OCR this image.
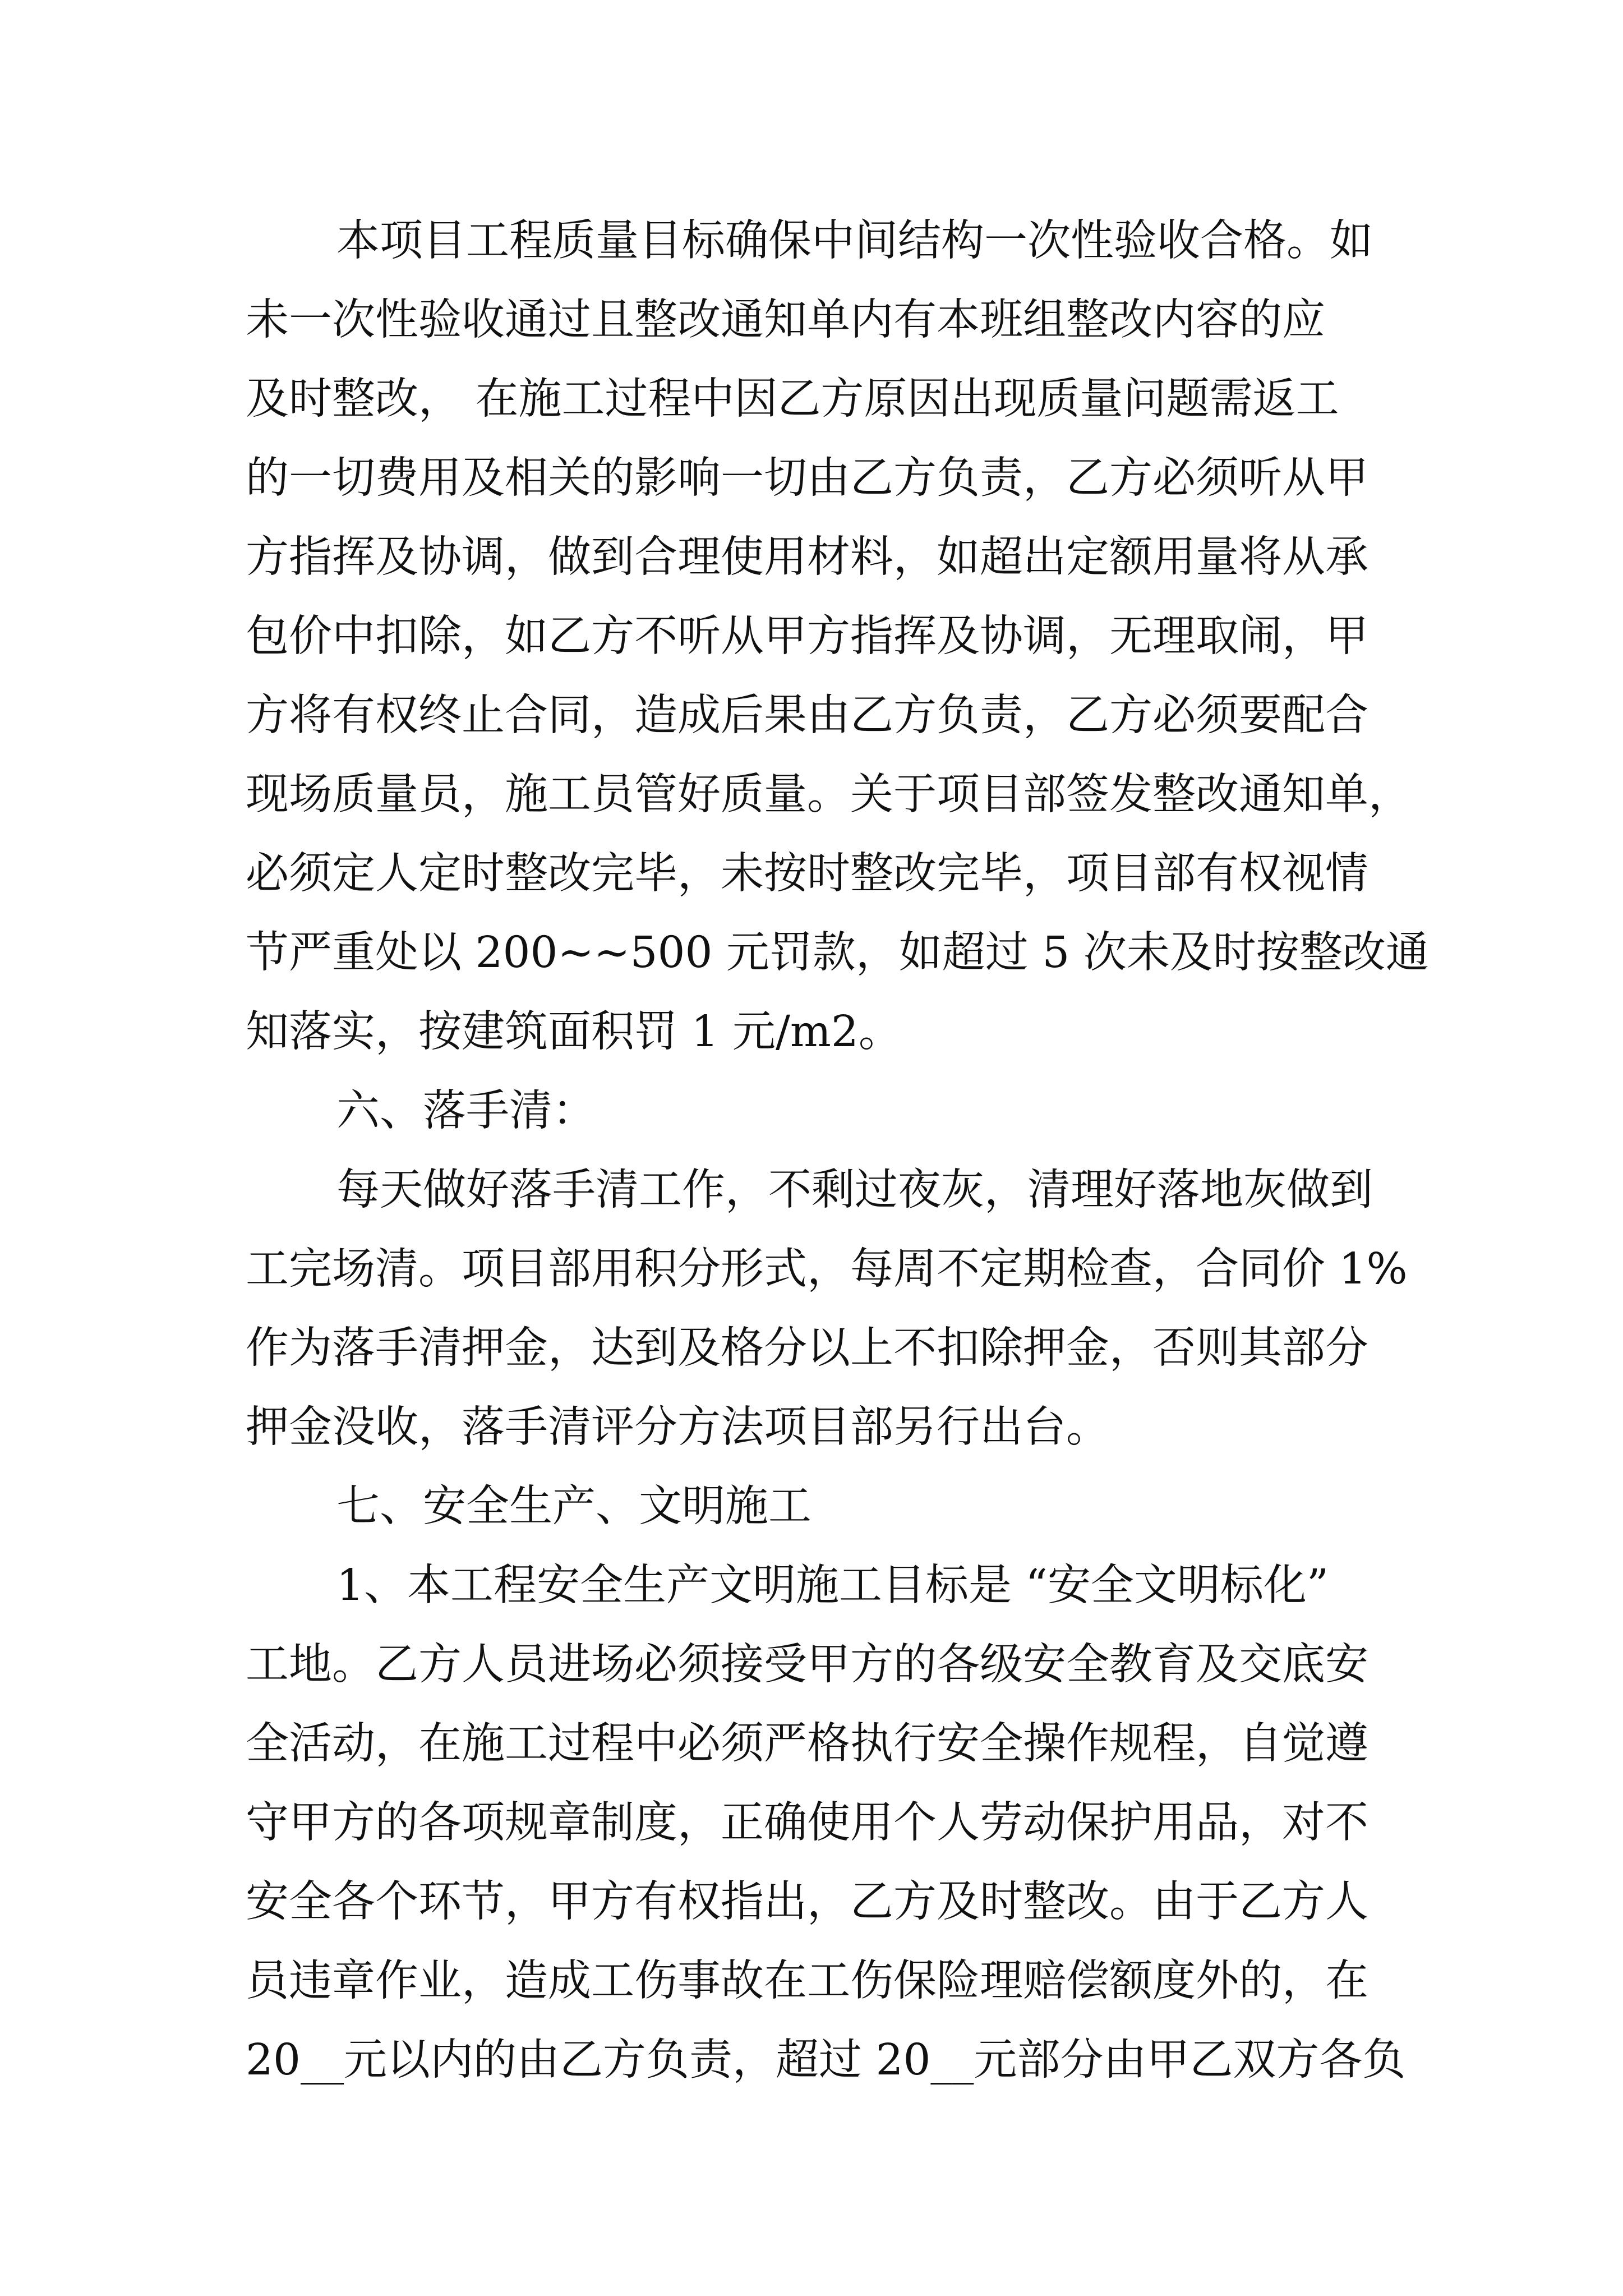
本项目工程质量目标确保中间结构一次性验收合格。如
未一次性验收通过且整改通知单内有本班组整改内容的应
及时整改， 在施工过程中因乙方原因出现质量问题需返工
的一切费用及相关的影响一切由乙方负责，乙方必须听从甲
方指挥及协调，做到合理使用材料，如超出定额用量将从承
包价中扣除，如乙方不听从甲方指挥及协调，无理取闹，甲
方将有权终止合同，造成后果由乙方负责，乙方必须要配合
现场质量员，施工员管好质量。关于项目部签发整改通知单，
必须定人定时整改完毕，未按时整改完毕，项目部有权视情
节严重处以 200~~500 元罚款，如超过 5 次未及时按整改通
知落实，按建筑面积罚 1 元/m2。
六、落手清：
每天做好落手清工作，不剩过夜灰，清理好落地灰做到
工完场清。项目部用积分形式，每周不定期检查，合同价 1%
作为落手清押金，达到及格分以上不扣除押金，否则其部分
押金没收，落手清评分方法项目部另行出台。
七、安全生产、文明施工
1、本工程安全生产文明施工目标是 “安全文明标化”
工地。乙方人员进场必须接受甲方的各级安全教育及交底安
全活动，在施工过程中必须严格执行安全操作规程，自觉遵
守甲方的各项规章制度，正确使用个人劳动保护用品，对不
安全各个环节，甲方有权指出，乙方及时整改。由于乙方人
员违章作业，造成工伤事故在工伤保险理赔偿额度外的，在
20__元以内的由乙方负责，超过 20__元部分由甲乙双方各负
